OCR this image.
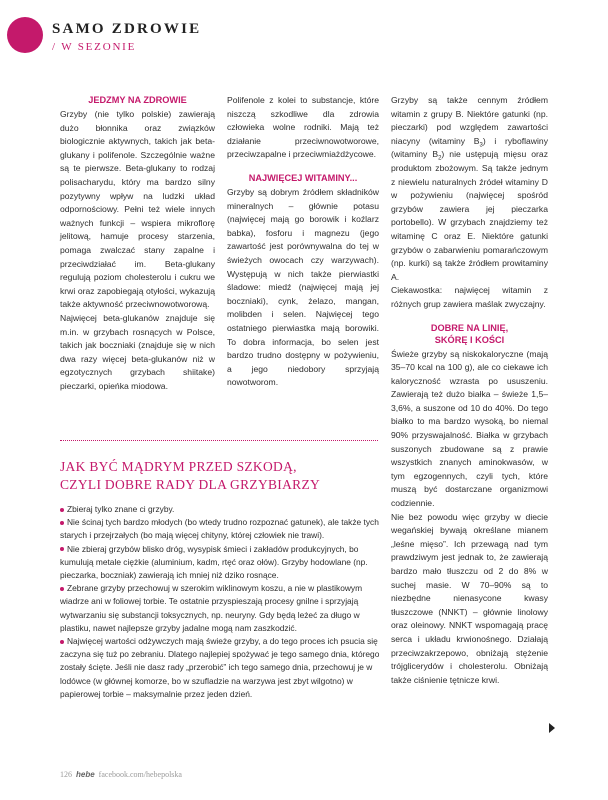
SAMO ZDROWIE
/ W SEZONIE
JEDZMY NA ZDROWIE

Grzyby (nie tylko polskie) zawierają dużo błonnika oraz związków biologicznie aktywnych, takich jak beta-glukany i polifenole. Szczególnie ważne są te pierwsze. Beta-glukany to rodzaj polisacharydu, który ma bardzo silny pozytywny wpływ na ludzki układ odpornościowy. Pełni też wiele innych ważnych funkcji – wspiera mikroflorę jelitową, hamuje procesy starzenia, pomaga zwalczać stany zapalne i przeciwdziałać im. Beta-glukany regulują poziom cholesterolu i cukru we krwi oraz zapobiegają otyłości, wykazują także aktywność przeciwnowotworową.

Najwięcej beta-glukanów znajduje się m.in. w grzybach rosnących w Polsce, takich jak boczniaki (znajduje się w nich dwa razy więcej beta-glukanów niż w egzotycznych grzybach shiitake) pieczarki, opieńka miodowa.

Polifenole z kolei to substancje, które niszczą szkodliwe dla zdrowia człowieka wolne rodniki. Mają też działanie przeciwnowotworowe, przeciwzapalne i przeciwmiażdżycowe.

NAJWIĘCEJ WITAMINY...

Grzyby są dobrym źródłem składników mineralnych – głównie potasu (najwięcej mają go borowik i koźlarz babka), fosforu i magnezu (jego zawartość jest porównywalna do tej w świeżych owocach czy warzywach). Występują w nich także pierwiastki śladowe: miedź (najwięcej mają jej boczniaki), cynk, żelazo, mangan, molibden i selen. Najwięcej tego ostatniego pierwiastka mają borowiki. To dobra informacja, bo selen jest bardzo trudno dostępny w pożywieniu, a jego niedobory sprzyjają nowotworom.

Grzyby są także cennym źródłem witamin z grupy B. Niektóre gatunki (np. pieczarki) pod względem zawartości niacyny (witaminy $B_3$) i ryboflawiny (witaminy $B_2$) nie ustępują mięsu oraz produktom zbożowym. Są także jednym z niewielu naturalnych źródeł witaminy D w pożywieniu (najwięcej spośród grzybów zawiera jej pieczarka portobello). W grzybach znajdziemy też witaminę C oraz E. Niektóre gatunki grzybów o zabarwieniu pomarańczowym (np. kurki) są także źródłem prowitaminy A.

Ciekawostka: najwięcej witamin z różnych grup zawiera maślak zwyczajny.

DOBRE NA LINIĘ,
SKÓRĘ I KOŚCI

Świeże grzyby są niskokaloryczne (mają 35–70 kcal na 100 g), ale co ciekawe ich kaloryczność wzrasta po ususzeniu. Zawierają też dużo białka – świeże 1,5–3,6%, a suszone od 10 do 40%. Do tego białko to ma bardzo wysoką, bo niemal 90% przyswajalność. Białka w grzybach suszonych zbudowane są z prawie wszystkich znanych aminokwasów, w tym egzogennych, czyli tych, które muszą być dostarczane organizmowi codziennie.

Nie bez powodu więc grzyby w diecie wegańskiej bywają określane mianem „leśne mięso”. Ich przewagą nad tym prawdziwym jest jednak to, że zawierają bardzo mało tłuszczu od 2 do 8% w suchej masie. W 70–90% są to niezbędne nienasycone kwasy tłuszczowe (NNKT) – głównie linolowy oraz oleinowy. NNKT wspomagają pracę serca i układu krwionośnego. Działają przeciwzakrzepowo, obniżają stężenie trójglicerydów i cholesterolu. Obniżają także ciśnienie tętnicze krwi.

JAK BYĆ MĄDRYM PRZED SZKODĄ,
CZYLI DOBRE RADY DLA GRZYBIARZY
Zbieraj tylko znane ci grzyby.
Nie ścinaj tych bardzo młodych (bo wtedy trudno rozpoznać gatunek), ale także tych starych i przejrzałych (bo mają więcej chityny, której człowiek nie trawi).
Nie zbieraj grzybów blisko dróg, wysypisk śmieci i zakładów produkcyjnych, bo kumulują metale ciężkie (aluminium, kadm, rtęć oraz ołów). Grzyby hodowlane (np. pieczarka, boczniak) zawierają ich mniej niż dziko rosnące.
Zebrane grzyby przechowuj w szerokim wiklinowym koszu, a nie w plastikowym wiadrze ani w foliowej torbie. Te ostatnie przyspieszają procesy gnilne i sprzyjają wytwarzaniu się substancji toksycznych, np. neuryny. Gdy będą leżeć za długo w plastiku, nawet najlepsze grzyby jadalne mogą nam zaszkodzić.
Najwięcej wartości odżywczych mają świeże grzyby, a do tego proces ich psucia się zaczyna się tuż po zebraniu. Dlatego najlepiej spożywać je tego samego dnia, którego zostały ścięte. Jeśli nie dasz rady „przerobić” ich tego samego dnia, przechowuj je w lodówce (w głównej komorze, bo w szufladzie na warzywa jest zbyt wilgotno) w papierowej torbie – maksymalnie przez jeden dzień.
126 hebe facebook.com/hebepolska
